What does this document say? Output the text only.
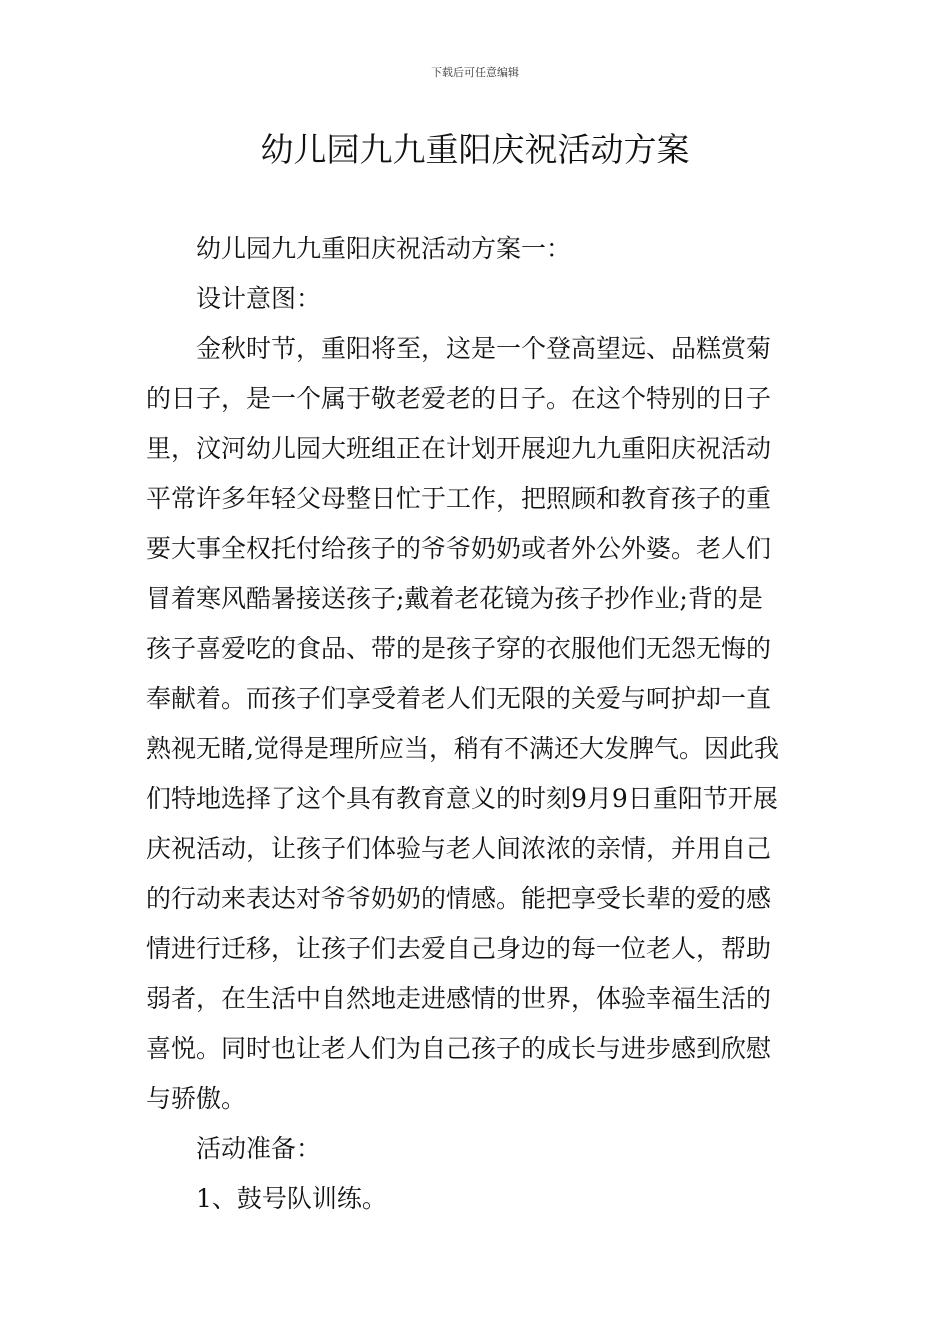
下载后可任意编辑
幼儿园九九重阳庆祝活动方案

幼儿园九九重阳庆祝活动方案一：

设计意图：

金秋时节，重阳将至，这是一个登高望远、品糕赏菊
的日子，是一个属于敬老爱老的日子。在这个特别的日子
里，汶河幼儿园大班组正在计划开展迎九九重阳庆祝活动
平常许多年轻父母整日忙于工作，把照顾和教育孩子的重
要大事全权托付给孩子的爷爷奶奶或者外公外婆。老人们
冒着寒风酷暑接送孩子;戴着老花镜为孩子抄作业;背的是
孩子喜爱吃的食品、带的是孩子穿的衣服他们无怨无悔的
奉献着。而孩子们享受着老人们无限的关爱与呵护却一直
熟视无睹,觉得是理所应当，稍有不满还大发脾气。因此我
们特地选择了这个具有教育意义的时刻9月9日重阳节开展
庆祝活动，让孩子们体验与老人间浓浓的亲情，并用自己
的行动来表达对爷爷奶奶的情感。能把享受长辈的爱的感
情进行迁移，让孩子们去爱自己身边的每一位老人，帮助
弱者，在生活中自然地走进感情的世界，体验幸福生活的
喜悦。同时也让老人们为自己孩子的成长与进步感到欣慰
与骄傲。

活动准备：

1、鼓号队训练。
